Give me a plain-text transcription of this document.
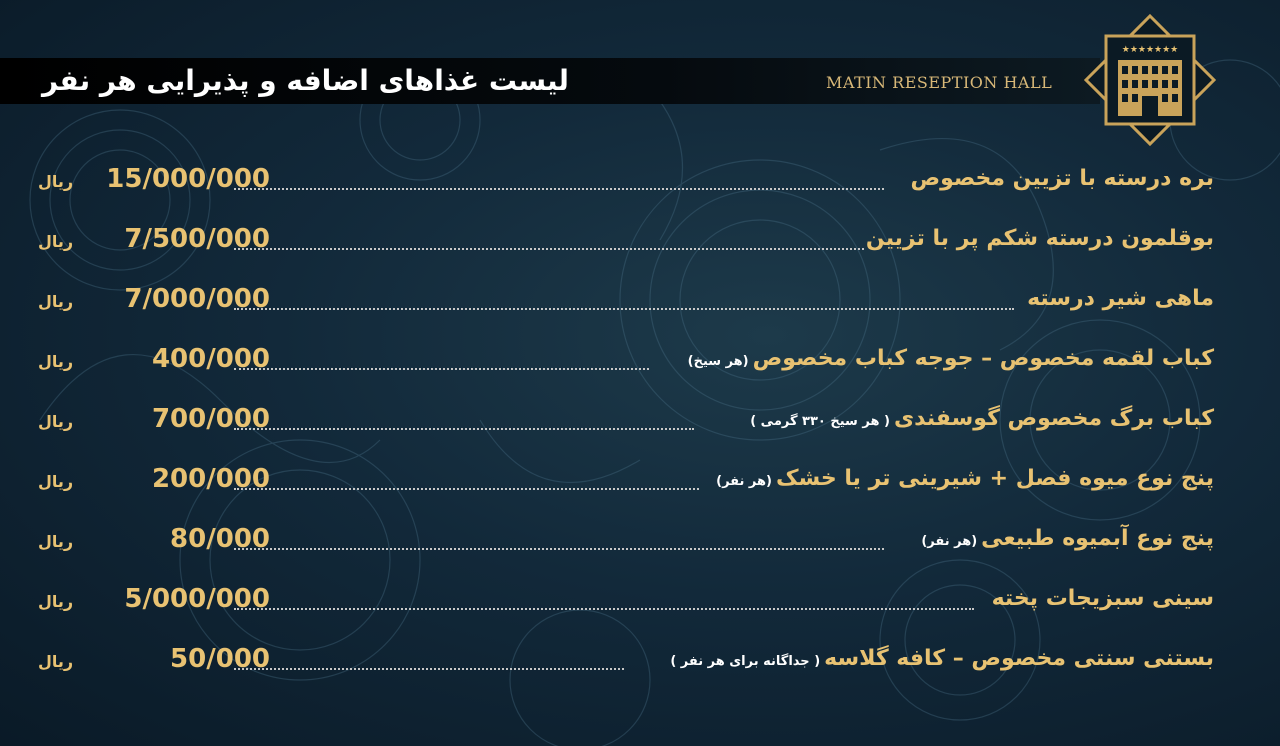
لیست غذاهای اضافه و پذیرایی هر نفر	MATIN RESEPTION HALL
★★★★★★★
ریال	15/000/000	بره درسته با تزیین مخصوص
ریال	7/500/000	بوقلمون درسته شکم پر با تزیین
ریال	7/000/000	ماهی شیر درسته
ریال	400/000	کباب لقمه مخصوص – جوجه کباب مخصوص(هر سیخ)
ریال	700/000	کباب برگ مخصوص گوسفندی( هر سیخ ۳۳۰ گرمی )
ریال	200/000	پنج نوع میوه فصل + شیرینی تر یا خشک(هر نفر)
ریال	80/000	پنج نوع آبمیوه طبیعی(هر نفر)
ریال	5/000/000	سینی سبزیجات پخته
ریال	50/000	بستنی سنتی مخصوص – کافه گلاسه( جداگانه برای هر نفر )
